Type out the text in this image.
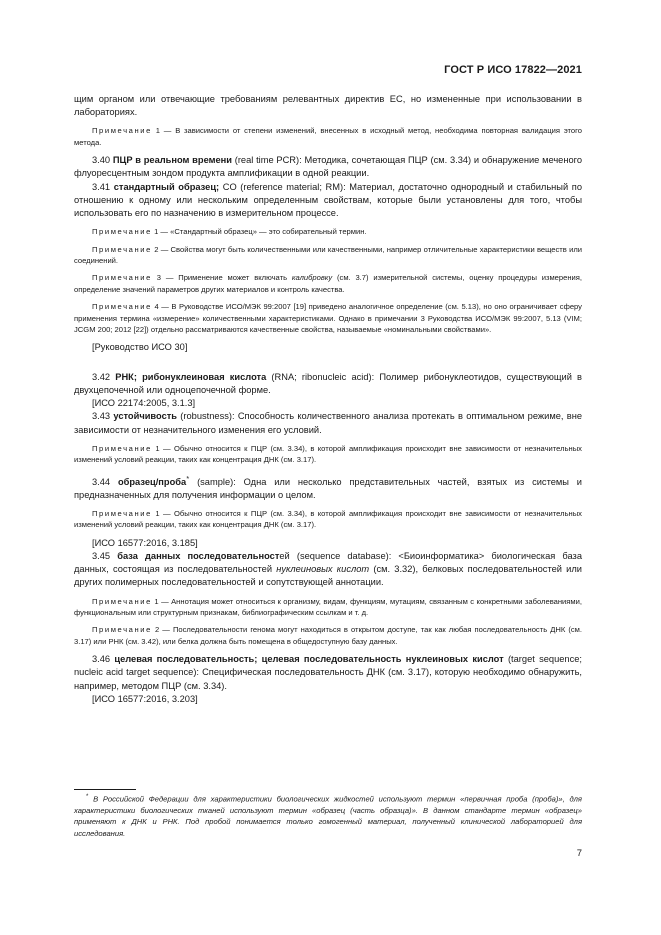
ГОСТ Р ИСО 17822—2021

щим органом или отвечающие требованиям релевантных директив ЕС, но измененные при использовании в лабораториях.

Примечание 1 — В зависимости от степени изменений, внесенных в исходный метод, необходима повторная валидация этого метода.

3.40 ПЦР в реальном времени (real time PCR): Методика, сочетающая ПЦР (см. 3.34) и обнаружение меченого флуоресцентным зондом продукта амплификации в одной реакции.

3.41 стандартный образец; CO (reference material; RM): Материал, достаточно однородный и стабильный по отношению к одному или нескольким определенным свойствам, которые были установлены для того, чтобы использовать его по назначению в измерительном процессе.

Примечание 1 — «Стандартный образец» — это собирательный термин.

Примечание 2 — Свойства могут быть количественными или качественными, например отличительные характеристики веществ или соединений.

Примечание 3 — Применение может включать калибровку (см. 3.7) измерительной системы, оценку процедуры измерения, определение значений параметров других материалов и контроль качества.

Примечание 4 — В Руководстве ИСО/МЭК 99:2007 [19] приведено аналогичное определение (см. 5.13), но оно ограничивает сферу применения термина «измерение» количественными характеристиками. Однако в примечании 3 Руководства ИСО/МЭК 99:2007, 5.13 (VIM; JCGM 200; 2012 [22]) отдельно рассматриваются качественные свойства, называемые «номинальными свойствами».

[Руководство ИСО 30]

3.42 РНК; рибонуклеиновая кислота (RNA; ribonucleic acid): Полимер рибонуклеотидов, существующий в двухцепочечной или одноцепочечной форме.

[ИСО 22174:2005, 3.1.3]

3.43 устойчивость (robustness): Способность количественного анализа протекать в оптимальном режиме, вне зависимости от незначительного изменения его условий.

Примечание 1 — Обычно относится к ПЦР (см. 3.34), в которой амплификация происходит вне зависимости от незначительных изменений условий реакции, таких как концентрация ДНК (см. 3.17).

3.44 образец/проба* (sample): Одна или несколько представительных частей, взятых из системы и предназначенных для получения информации о целом.

Примечание 1 — Обычно относится к ПЦР (см. 3.34), в которой амплификация происходит вне зависимости от незначительных изменений условий реакции, таких как концентрация ДНК (см. 3.17).

[ИСО 16577:2016, 3.185]

3.45 база данных последовательностей (sequence database): <Биоинформатика> биологическая база данных, состоящая из последовательностей нуклеиновых кислот (см. 3.32), белковых последовательностей или других полимерных последовательностей и сопутствующей аннотации.

Примечание 1 — Аннотация может относиться к организму, видам, функциям, мутациям, связанным с конкретными заболеваниями, функциональным или структурным признакам, библиографическим ссылкам и т. д.

Примечание 2 — Последовательности генома могут находиться в открытом доступе, так как любая последовательность ДНК (см. 3.17) или РНК (см. 3.42), или белка должна быть помещена в общедоступную базу данных.

3.46 целевая последовательность; целевая последовательность нуклеиновых кислот (target sequence; nucleic acid target sequence): Специфическая последовательность ДНК (см. 3.17), которую необходимо обнаружить, например, методом ПЦР (см. 3.34).

[ИСО 16577:2016, 3.203]

* В Российской Федерации для характеристики биологических жидкостей используют термин «первичная проба (проба)», для характеристики биологических тканей используют термин «образец (часть образца)». В данном стандарте термин «образец» применяют к ДНК и РНК. Под пробой понимается только гомогенный материал, полученный клинической лабораторией для исследования.

7
